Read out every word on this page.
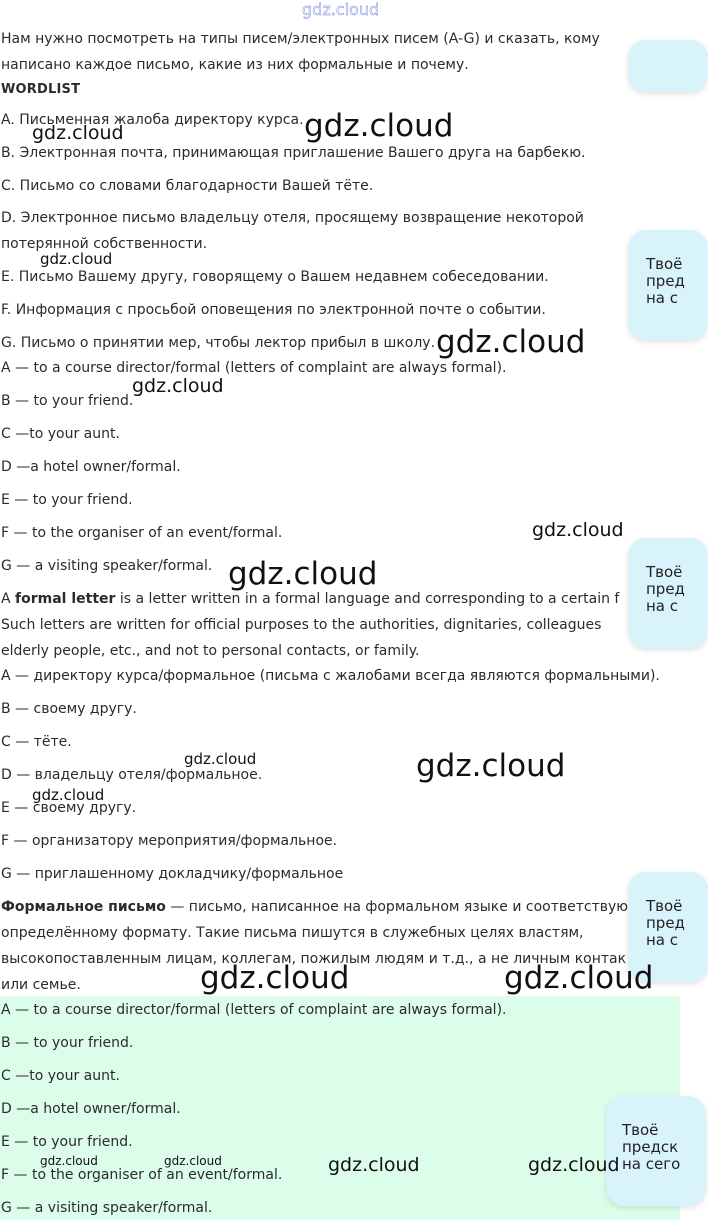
Твоё
пред
на с
Твоё
пред
на с
Твоё
пред
на с
Твоё
предск
на сего
Нам нужно посмотреть на типы писем/электронных писем (A-G) и сказать, кому
написано каждое письмо, какие из них формальные и почему.
WORDLIST
A. Письменная жалоба директору курса.
B. Электронная почта, принимающая приглашение Вашего друга на барбекю.
C. Письмо со словами благодарности Вашей тёте.
D. Электронное письмо владельцу отеля, просящему возвращение некоторой
потерянной собственности.
E. Письмо Вашему другу, говорящему о Вашем недавнем собеседовании.
F. Информация с просьбой оповещения по электронной почте о событии.
G. Письмо о принятии мер, чтобы лектор прибыл в школу.
A — to a course director/formal (letters of complaint are always formal).
B — to your friend.
C —to your aunt.
D —a hotel owner/formal.
E — to your friend.
F — to the organiser of an event/formal.
G — a visiting speaker/formal.
A formal letter is a letter written in a formal language and corresponding to a certain f
Such letters are written for official purposes to the authorities, dignitaries, colleagues
elderly people, etc., and not to personal contacts, or family.
A — директору курса/формальное (письма с жалобами всегда являются формальными).
B — своему другу.
C — тёте.
D — владельцу отеля/формальное.
E — своему другу.
F — организатору мероприятия/формальное.
G — приглашенному докладчику/формальное
Формальное письмо — письмо, написанное на формальном языке и соответствую
определённому формату. Такие письма пишутся в служебных целях властям,
высокопоставленным лицам, коллегам, пожилым людям и т.д., а не личным контак
или семье.
A — to a course director/formal (letters of complaint are always formal).
B — to your friend.
C —to your aunt.
D —a hotel owner/formal.
E — to your friend.
F — to the organiser of an event/formal.
G — a visiting speaker/formal.
gdz.cloud
gdz.cloud
gdz.cloud
gdz.cloud
gdz.cloud
gdz.cloud
gdz.cloud
gdz.cloud
gdz.cloud	gdz.cloud
gdz.cloud
gdz.cloud	gdz.cloud
gdz.cloud	gdz.cloud	gdz.cloud	gdz.cloud
